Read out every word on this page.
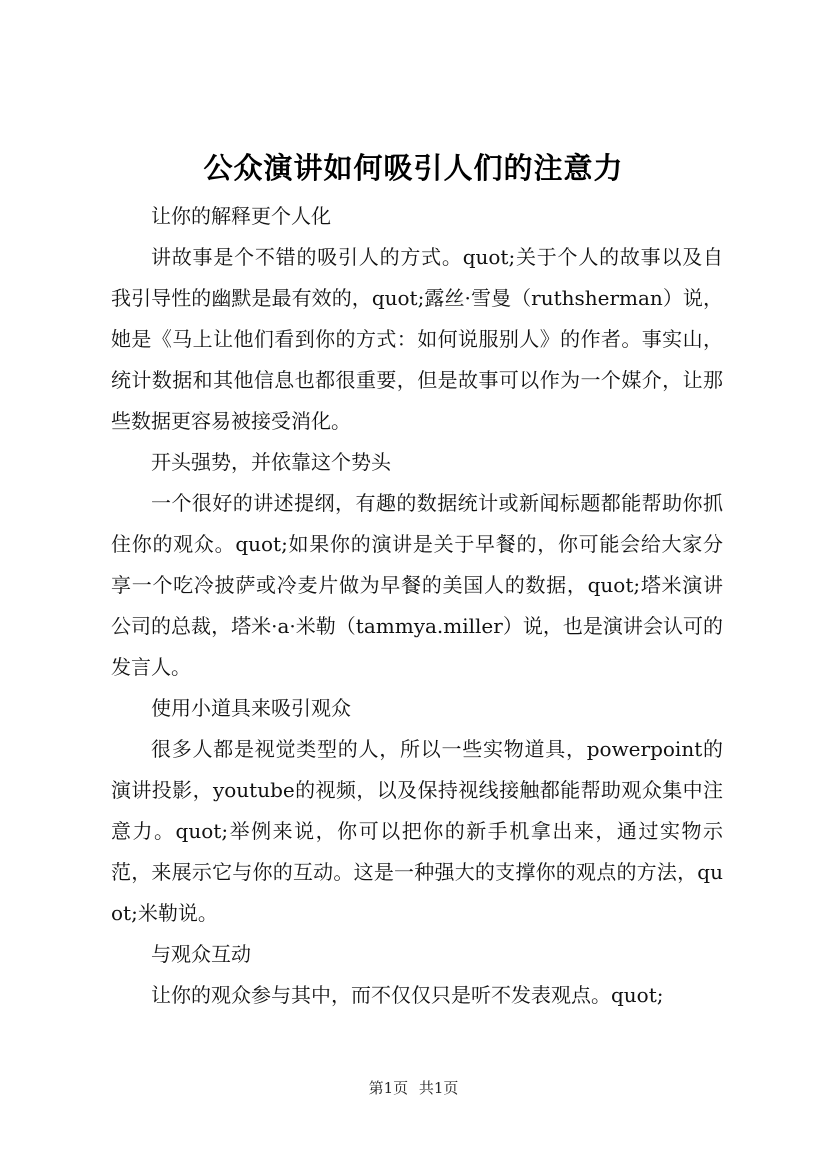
公众演讲如何吸引人们的注意力

让你的解释更个人化

讲故事是个不错的吸引人的方式。quot;关于个人的故事以及自我引导性的幽默是最有效的，quot;露丝·雪曼（ruthsherman）说，她是《马上让他们看到你的方式：如何说服别人》的作者。事实山，统计数据和其他信息也都很重要，但是故事可以作为一个媒介，让那些数据更容易被接受消化。

开头强势，并依靠这个势头

一个很好的讲述提纲，有趣的数据统计或新闻标题都能帮助你抓住你的观众。quot;如果你的演讲是关于早餐的，你可能会给大家分享一个吃冷披萨或冷麦片做为早餐的美国人的数据，quot;塔米演讲公司的总裁，塔米·a·米勒（tammya.miller）说，也是演讲会认可的发言人。

使用小道具来吸引观众

很多人都是视觉类型的人，所以一些实物道具，powerpoint的演讲投影，youtube的视频，以及保持视线接触都能帮助观众集中注意力。quot;举例来说，你可以把你的新手机拿出来，通过实物示范，来展示它与你的互动。这是一种强大的支撑你的观点的方法，quot;米勒说。

与观众互动

让你的观众参与其中，而不仅仅只是听不发表观点。quot;

第1页 共1页
